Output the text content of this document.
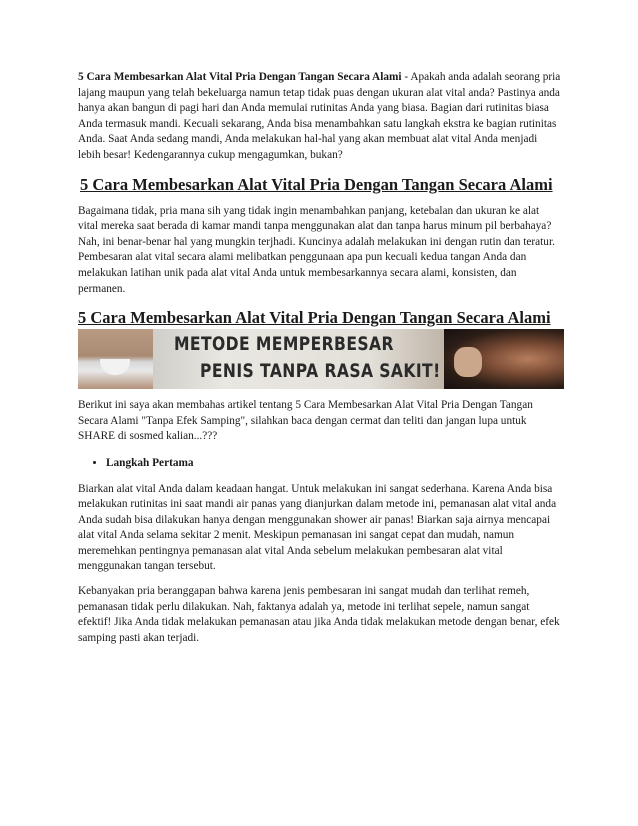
5 Cara Membesarkan Alat Vital Pria Dengan Tangan Secara Alami - Apakah anda adalah seorang pria lajang maupun yang telah bekeluarga namun tetap tidak puas dengan ukuran alat vital anda? Pastinya anda hanya akan bangun di pagi hari dan Anda memulai rutinitas Anda yang biasa. Bagian dari rutinitas biasa Anda termasuk mandi. Kecuali sekarang, Anda bisa menambahkan satu langkah ekstra ke bagian rutinitas Anda. Saat Anda sedang mandi, Anda melakukan hal-hal yang akan membuat alat vital Anda menjadi lebih besar! Kedengarannya cukup mengagumkan, bukan?

5 Cara Membesarkan Alat Vital Pria Dengan Tangan Secara Alami

Bagaimana tidak, pria mana sih yang tidak ingin menambahkan panjang, ketebalan dan ukuran ke alat vital mereka saat berada di kamar mandi tanpa menggunakan alat dan tanpa harus minum pil berbahaya? Nah, ini benar-benar hal yang mungkin terjhadi. Kuncinya adalah melakukan ini dengan rutin dan teratur. Pembesaran alat vital secara alami melibatkan penggunaan apa pun kecuali kedua tangan Anda dan melakukan latihan unik pada alat vital Anda untuk membesarkannya secara alami, konsisten, dan permanen.

5 Cara Membesarkan Alat Vital Pria Dengan Tangan Secara Alami
METODE MEMPERBESAR
PENIS TANPA RASA SAKIT!

Berikut ini saya akan membahas artikel tentang 5 Cara Membesarkan Alat Vital Pria Dengan Tangan Secara Alami "Tanpa Efek Samping", silahkan baca dengan cermat dan teliti dan jangan lupa untuk SHARE di sosmed kalian...???

• Langkah Pertama

Biarkan alat vital Anda dalam keadaan hangat. Untuk melakukan ini sangat sederhana. Karena Anda bisa melakukan rutinitas ini saat mandi air panas yang dianjurkan dalam metode ini, pemanasan alat vital anda Anda sudah bisa dilakukan hanya dengan menggunakan shower air panas! Biarkan saja airnya mencapai alat vital Anda selama sekitar 2 menit. Meskipun pemanasan ini sangat cepat dan mudah, namun meremehkan pentingnya pemanasan alat vital Anda sebelum melakukan pembesaran alat vital menggunakan tangan tersebut.

Kebanyakan pria beranggapan bahwa karena jenis pembesaran ini sangat mudah dan terlihat remeh, pemanasan tidak perlu dilakukan. Nah, faktanya adalah ya, metode ini terlihat sepele, namun sangat efektif! Jika Anda tidak melakukan pemanasan atau jika Anda tidak melakukan metode dengan benar, efek samping pasti akan terjadi.
